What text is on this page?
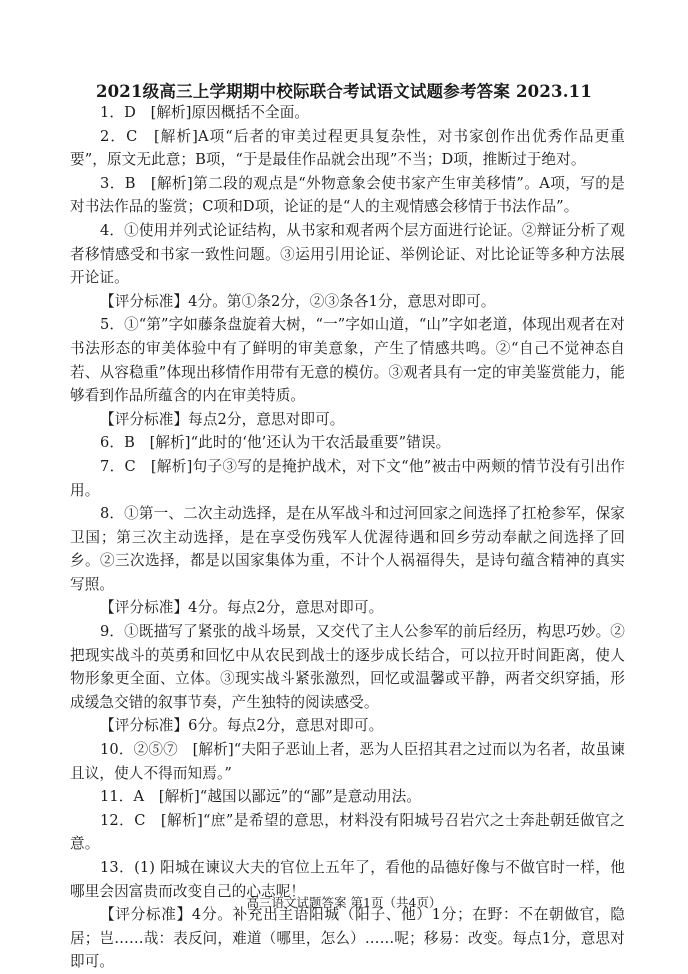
2021级高三上学期期中校际联合考试语文试题参考答案 2023.11

1．D　[解析]原因概括不全面。

2．C　[解析]A项“后者的审美过程更具复杂性，对书家创作出优秀作品更重要”，原文无此意；B项，“于是最佳作品就会出现”不当；D项，推断过于绝对。

3．B　[解析]第二段的观点是“外物意象会使书家产生审美移情”。A项，写的是对书法作品的鉴赏；C项和D项，论证的是“人的主观情感会移情于书法作品”。

4．①使用并列式论证结构，从书家和观者两个层方面进行论证。②辩证分析了观者移情感受和书家一致性问题。③运用引用论证、举例论证、对比论证等多种方法展开论证。

【评分标准】4分。第①条2分，②③条各1分，意思对即可。

5．①“第”字如藤条盘旋着大树，“一”字如山道，“山”字如老道，体现出观者在对书法形态的审美体验中有了鲜明的审美意象，产生了情感共鸣。②“自己不觉神态自若、从容稳重”体现出移情作用带有无意的模仿。③观者具有一定的审美鉴赏能力，能够看到作品所蕴含的内在审美特质。

【评分标准】每点2分，意思对即可。

6．B　[解析]“此时的‘他’还认为干农活最重要”错误。

7．C　[解析]句子③写的是掩护战术，对下文“他”被击中两颊的情节没有引出作用。

8．①第一、二次主动选择，是在从军战斗和过河回家之间选择了扛枪参军，保家卫国；第三次主动选择，是在享受伤残军人优渥待遇和回乡劳动奉献之间选择了回乡。②三次选择，都是以国家集体为重，不计个人祸福得失，是诗句蕴含精神的真实写照。

【评分标准】4分。每点2分，意思对即可。

9．①既描写了紧张的战斗场景，又交代了主人公参军的前后经历，构思巧妙。②把现实战斗的英勇和回忆中从农民到战士的逐步成长结合，可以拉开时间距离，使人物形象更全面、立体。③现实战斗紧张激烈，回忆或温馨或平静，两者交织穿插，形成缓急交错的叙事节奏，产生独特的阅读感受。

【评分标准】6分。每点2分，意思对即可。

10．②⑤⑦　[解析]“夫阳子恶讪上者，恶为人臣招其君之过而以为名者，故虽谏且议，使人不得而知焉。”

11．A　[解析]“越国以鄙远”的“鄙”是意动用法。

12．C　[解析]“庶”是希望的意思，材料没有阳城号召岩穴之士奔赴朝廷做官之意。

13．(1) 阳城在谏议大夫的官位上五年了，看他的品德好像与不做官时一样，他哪里会因富贵而改变自己的心志呢！

【评分标准】4分。补充出主语阳城（阳子、他）1分；在野：不在朝做官，隐居；岂……哉：表反问，难道（哪里，怎么）……呢；移易：改变。每点1分，意思对即可。

高三语文试题答案 第1页（共4页）
